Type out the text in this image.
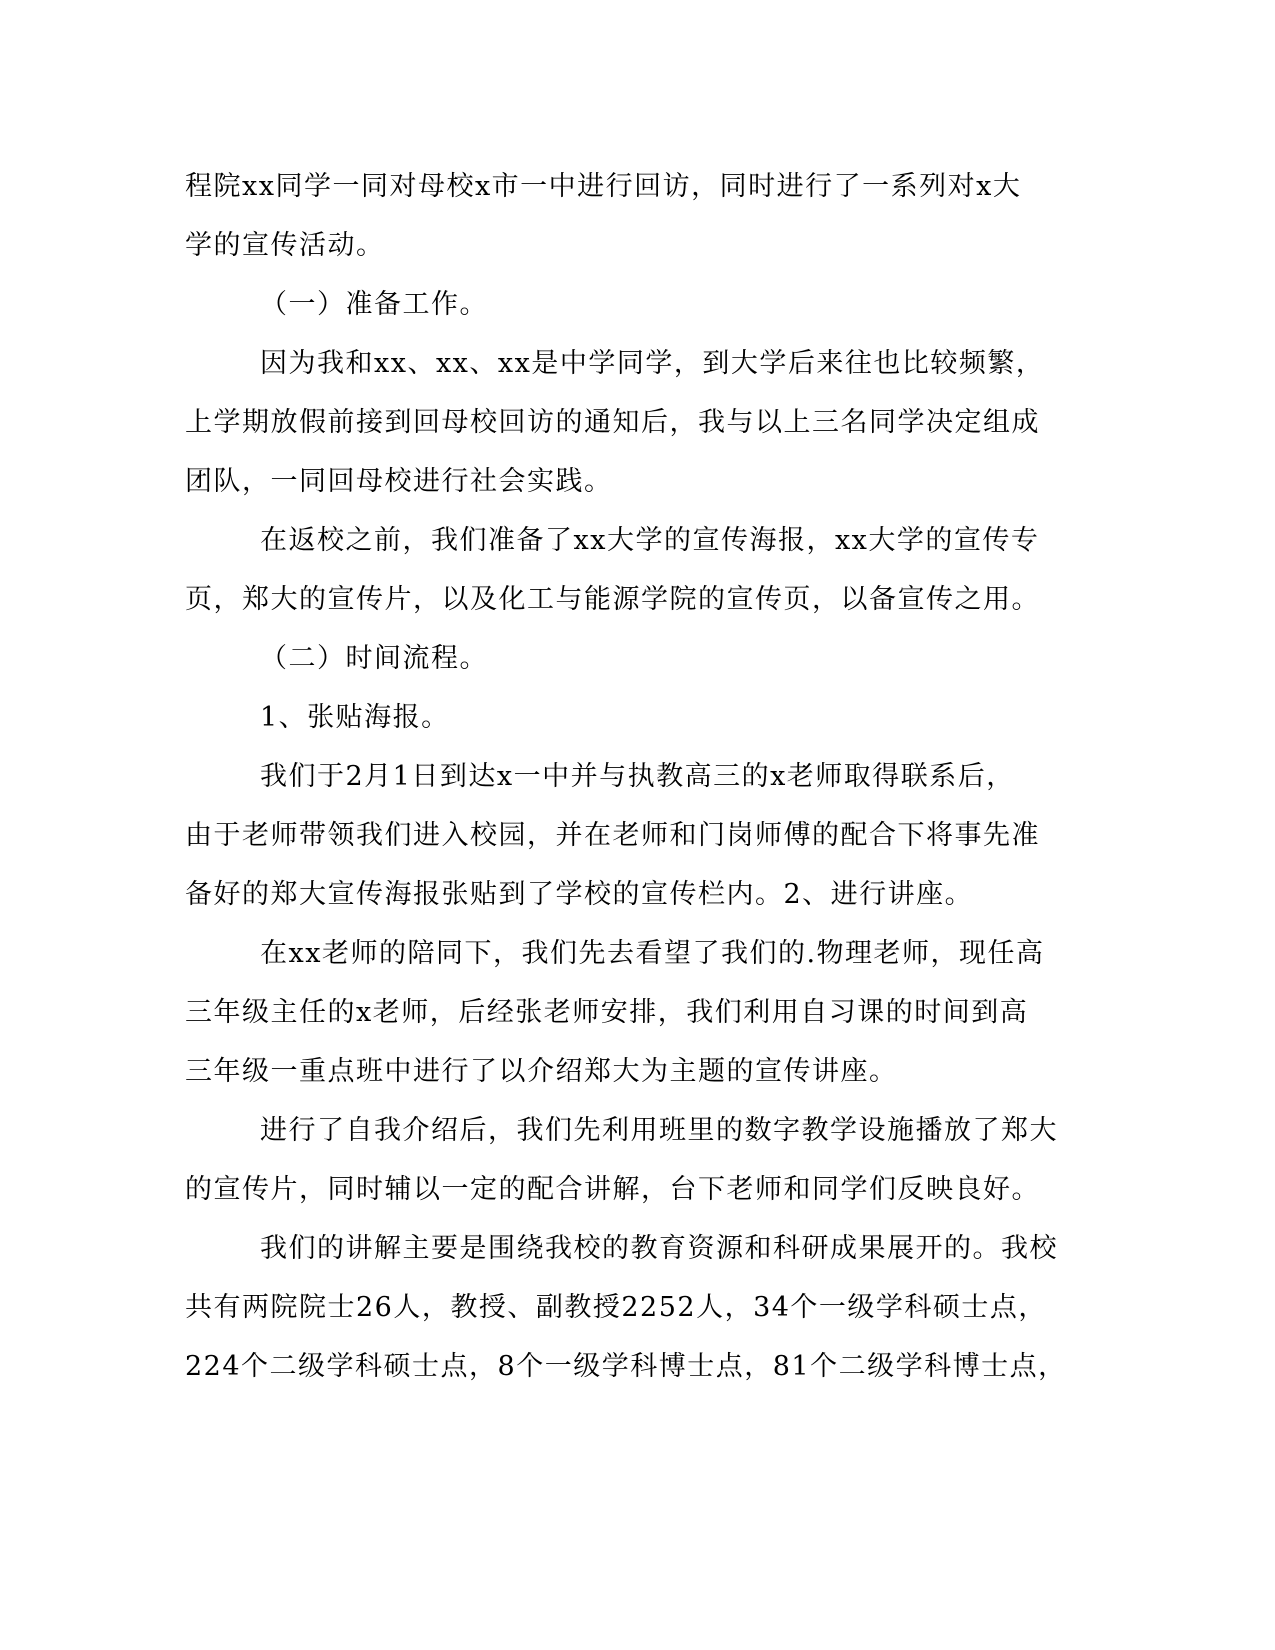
程院xx同学一同对母校x市一中进行回访，同时进行了一系列对x大
学的宣传活动。
（一）准备工作。
因为我和xx、xx、xx是中学同学，到大学后来往也比较频繁，
上学期放假前接到回母校回访的通知后，我与以上三名同学决定组成
团队，一同回母校进行社会实践。
在返校之前，我们准备了xx大学的宣传海报，xx大学的宣传专
页，郑大的宣传片，以及化工与能源学院的宣传页，以备宣传之用。
（二）时间流程。
1、张贴海报。
我们于2月1日到达x一中并与执教高三的x老师取得联系后，
由于老师带领我们进入校园，并在老师和门岗师傅的配合下将事先准
备好的郑大宣传海报张贴到了学校的宣传栏内。2、进行讲座。
在xx老师的陪同下，我们先去看望了我们的.物理老师，现任高
三年级主任的x老师，后经张老师安排，我们利用自习课的时间到高
三年级一重点班中进行了以介绍郑大为主题的宣传讲座。
进行了自我介绍后，我们先利用班里的数字教学设施播放了郑大
的宣传片，同时辅以一定的配合讲解，台下老师和同学们反映良好。
我们的讲解主要是围绕我校的教育资源和科研成果展开的。我校
共有两院院士26人，教授、副教授2252人，34个一级学科硕士点，
224个二级学科硕士点，8个一级学科博士点，81个二级学科博士点，
